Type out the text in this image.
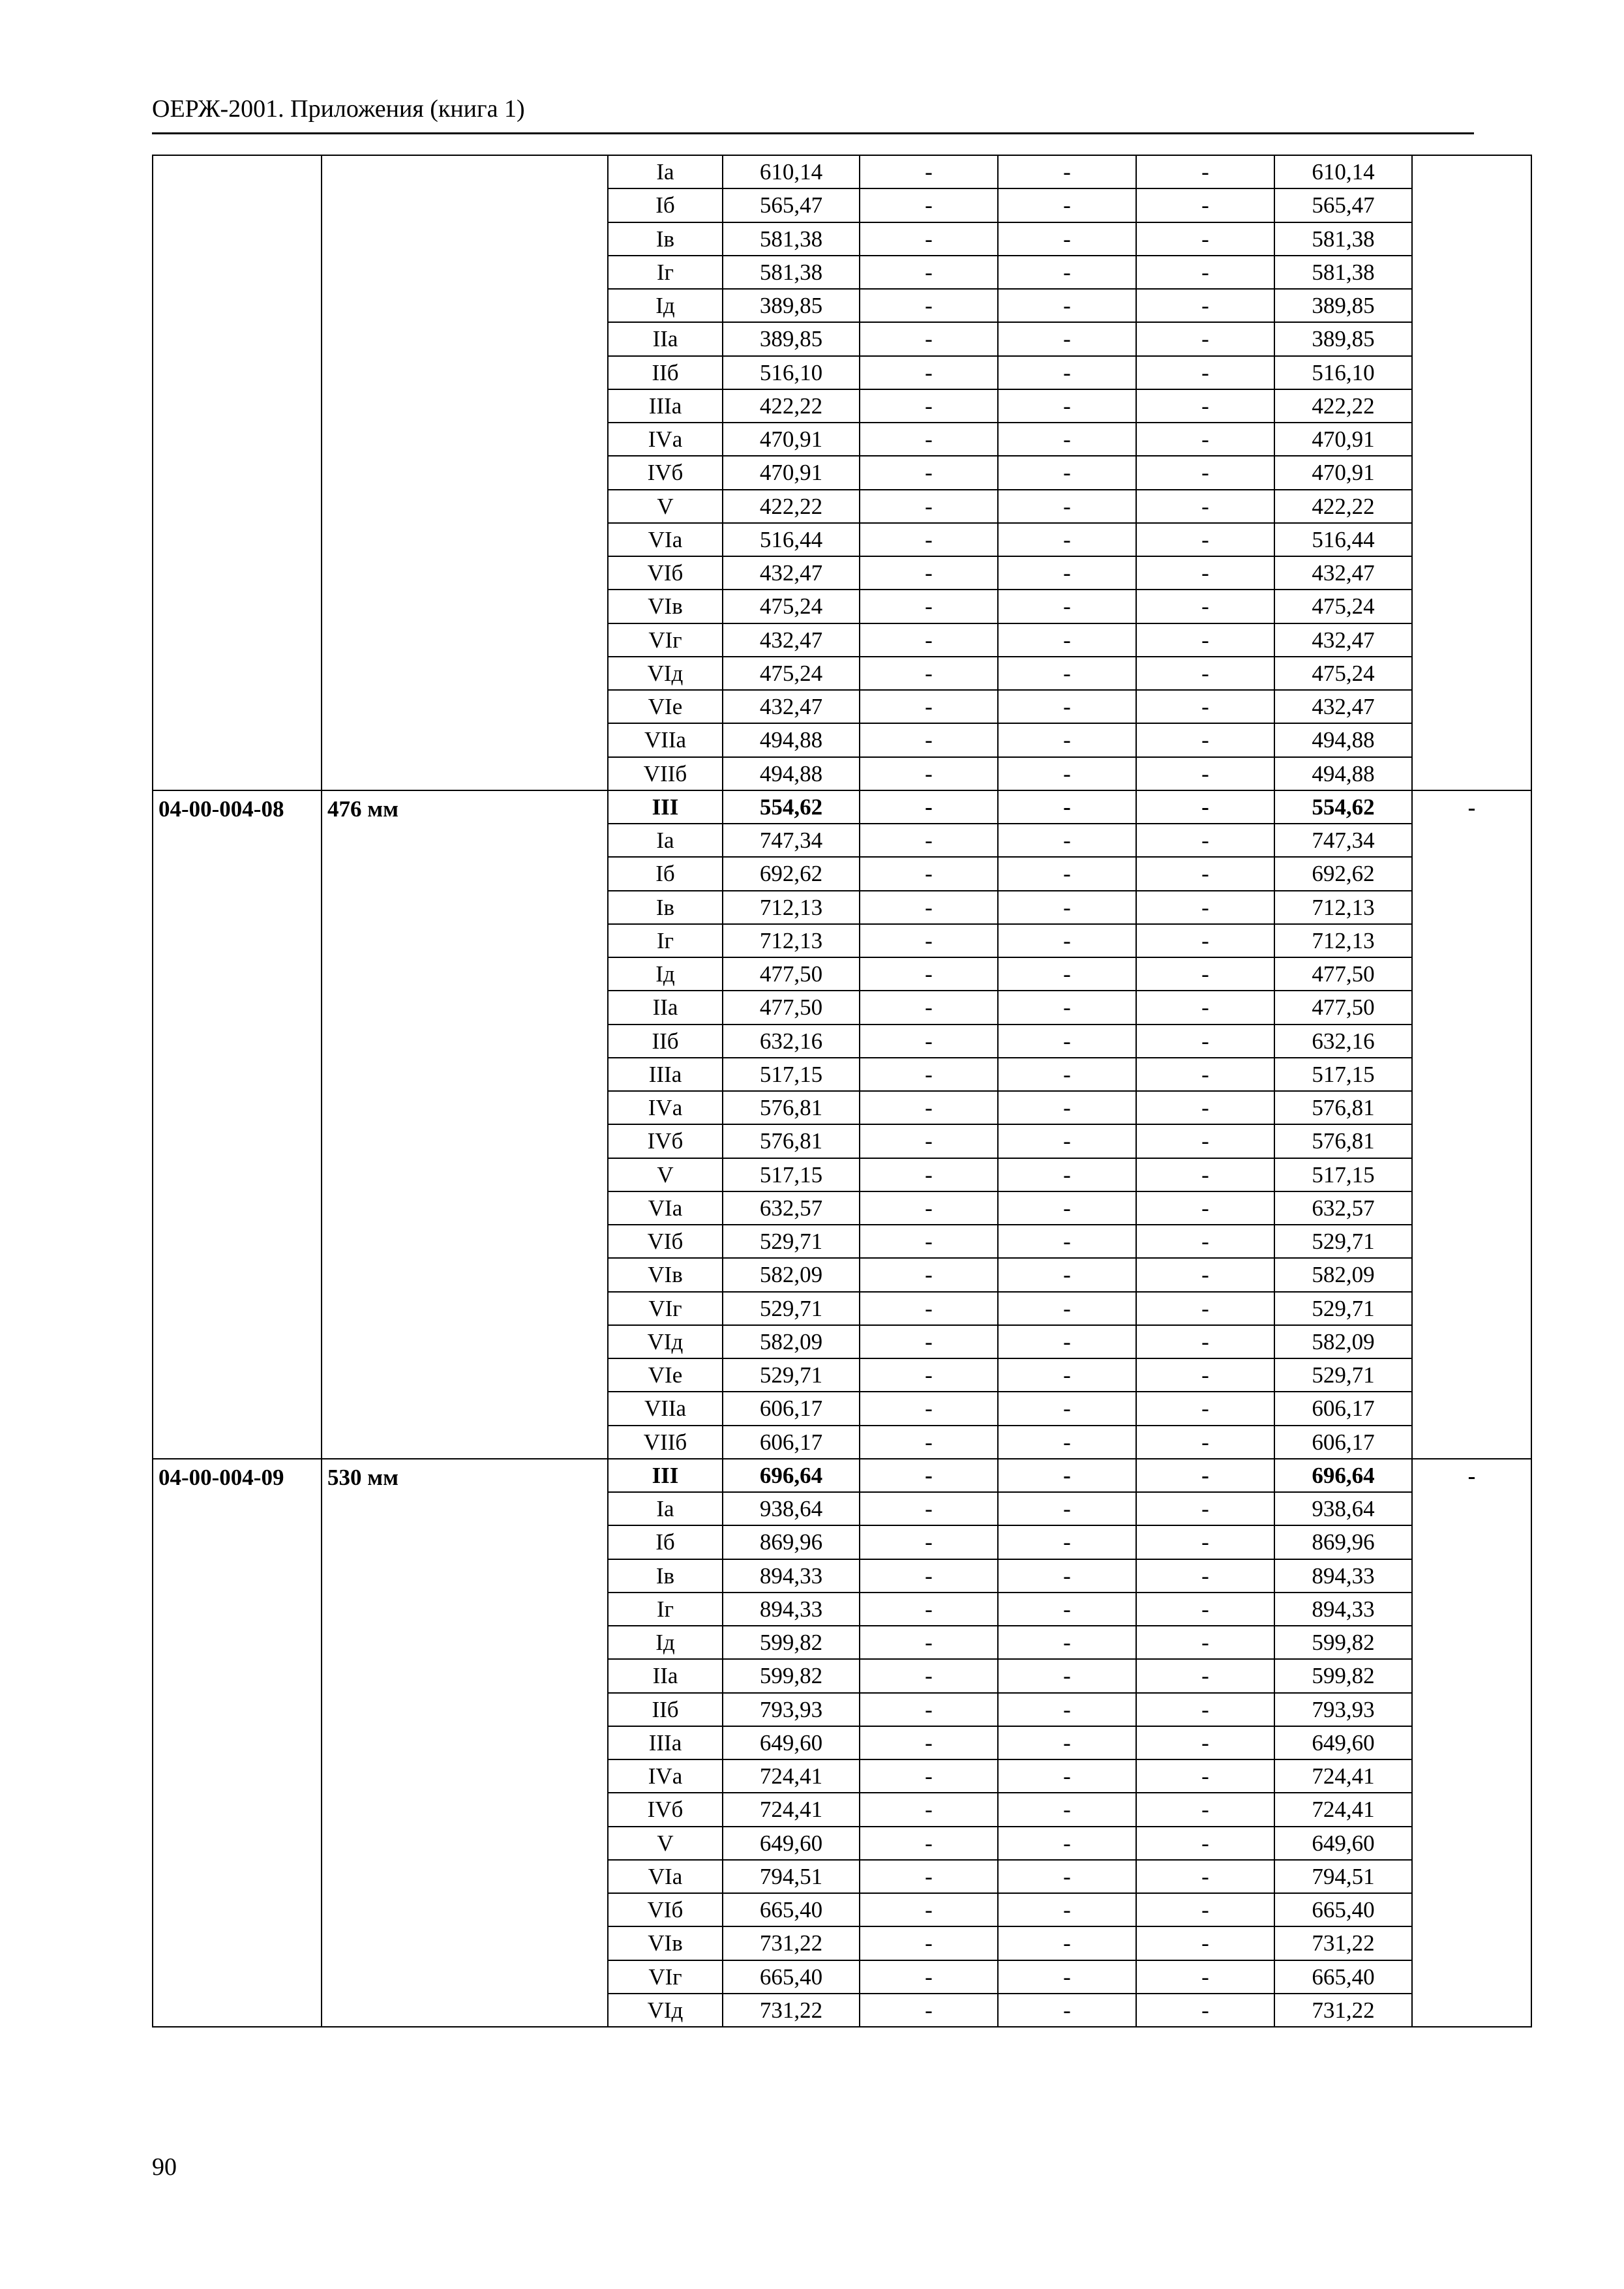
ОЕРЖ-2001. Приложения (книга 1)
		Iа	610,14	-	-	-	610,14	
		Iб	565,47	-	-	-	565,47	
		Iв	581,38	-	-	-	581,38	
		Iг	581,38	-	-	-	581,38	
		Iд	389,85	-	-	-	389,85	
		IIа	389,85	-	-	-	389,85	
		IIб	516,10	-	-	-	516,10	
		IIIа	422,22	-	-	-	422,22	
		IVа	470,91	-	-	-	470,91	
		IVб	470,91	-	-	-	470,91	
		V	422,22	-	-	-	422,22	
		VIа	516,44	-	-	-	516,44	
		VIб	432,47	-	-	-	432,47	
		VIв	475,24	-	-	-	475,24	
		VIг	432,47	-	-	-	432,47	
		VIд	475,24	-	-	-	475,24	
		VIе	432,47	-	-	-	432,47	
		VIIа	494,88	-	-	-	494,88	
		VIIб	494,88	-	-	-	494,88	
04-00-004-08	476 мм	III	554,62	-	-	-	554,62	-
		Iа	747,34	-	-	-	747,34	
		Iб	692,62	-	-	-	692,62	
		Iв	712,13	-	-	-	712,13	
		Iг	712,13	-	-	-	712,13	
		Iд	477,50	-	-	-	477,50	
		IIа	477,50	-	-	-	477,50	
		IIб	632,16	-	-	-	632,16	
		IIIа	517,15	-	-	-	517,15	
		IVа	576,81	-	-	-	576,81	
		IVб	576,81	-	-	-	576,81	
		V	517,15	-	-	-	517,15	
		VIа	632,57	-	-	-	632,57	
		VIб	529,71	-	-	-	529,71	
		VIв	582,09	-	-	-	582,09	
		VIг	529,71	-	-	-	529,71	
		VIд	582,09	-	-	-	582,09	
		VIе	529,71	-	-	-	529,71	
		VIIа	606,17	-	-	-	606,17	
		VIIб	606,17	-	-	-	606,17	
04-00-004-09	530 мм	III	696,64	-	-	-	696,64	-
		Iа	938,64	-	-	-	938,64	
		Iб	869,96	-	-	-	869,96	
		Iв	894,33	-	-	-	894,33	
		Iг	894,33	-	-	-	894,33	
		Iд	599,82	-	-	-	599,82	
		IIа	599,82	-	-	-	599,82	
		IIб	793,93	-	-	-	793,93	
		IIIа	649,60	-	-	-	649,60	
		IVа	724,41	-	-	-	724,41	
		IVб	724,41	-	-	-	724,41	
		V	649,60	-	-	-	649,60	
		VIа	794,51	-	-	-	794,51	
		VIб	665,40	-	-	-	665,40	
		VIв	731,22	-	-	-	731,22	
		VIг	665,40	-	-	-	665,40	
		VIд	731,22	-	-	-	731,22	
90
